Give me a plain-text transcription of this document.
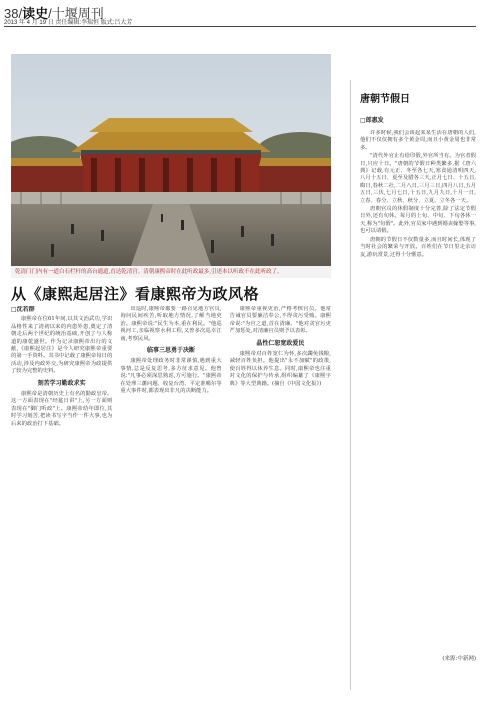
38/读史/十堰周刊
2013 年 4 月 19 日 责任编辑:李瑞恒 版式:吕大芳
乾清门门内有一道白石栏杆的高台通道,直达乾清宫。清朝康熙帝时在此听政最多,引述本以听政不在此听政了。
从《康熙起居注》看康熙帝为政风格
□沈若群

康熙帝在位61年间,以其文治武功,学识品格性来了清初以来的内患外患,奠定了清朝走后两个世纪的统治基础,开创了与人称道的康乾盛世。作为记录康熙帝出行的文献,《康熙起居注》是今人研究康熙帝重要的第一手资料。其书中记载了康熙帝每日的活动,涉及内政外交,为研究康熙帝为政提供了较为完整的史料。

刻苦学习勤政求实

康熙帝是清朝历史上有名的勤政皇帝。这一方面表现在"经筵日讲"上,另一方面则表现在"御门听政"上。康熙帝幼年即位,其时学习刻苦,把读书写字当作一件大事,也为后来的政治打下基础。

出巡时,康熙帝都要一路召见地方官员,询问民间疾苦,听取地方情况,了解当地吏治。康熙帝说:"民生为本,重在利民。"他巡视河工,亲临视察水利工程,又曾多次巡幸江南,考察民风。

临事三思勇于决断

康熙帝处理政务时非常谨慎,遇到重大事情,总是反复思考,多方征求意见。他曾说:"凡事必须深思熟虑,方可施行。"康熙帝在处理三藩问题、收复台湾、平定准噶尔等重大事件时,都表现出非凡的决断能力。

康熙帝重视吏治,严格考核官员。他常告诫官员要廉洁奉公,不得贪污受贿。康熙帝说:"为官之道,首在清廉。"他对贪官污吏严加惩处,对清廉官员则予以表彰。

晶性仁恕宽政爱民

康熙帝对百姓宽仁为怀,多次蠲免钱粮,减轻百姓负担。他提出"永不加赋"的政策,使百姓得以休养生息。同时,康熙帝也注重对文化的保护与传承,组织编纂了《康熙字典》等大型典籍。(摘自《中国文化报》)

唐朝节假日
□郎惠发

许多时候,我们会谈起某某生活在唐朝的人们,他们不仅仅拥有多个黄金周,而且小黄金周也非常多。

"清代外官止有给印假,外官所当有。为官者假日,只应十日。"唐朝的节假日种类繁多,据《唐六典》记载,有元正、冬至各七天,寒食通清明四天,八月十五日、夏至及腊各三天,正月七日、十五日,晦日,春秋二社,二月八日,三月三日,四月八日,五月五日,三伏,七月七日,十五日,九月九日,十月一日,立春、春分、立秋、秋分、立夏、立冬各一天。

唐朝官员的休假制度十分完善,除了法定节假日外,还有旬休。每月的上旬、中旬、下旬各休一天,称为"旬假"。此外,官员家中遇到婚丧嫁娶等事,也可以请假。

唐朝的节假日不仅数量多,而且时间长,体现了当时社会的繁荣与开放。百姓们在节日里走亲访友,游玩赏景,过得十分惬意。

(来源:中新网)
